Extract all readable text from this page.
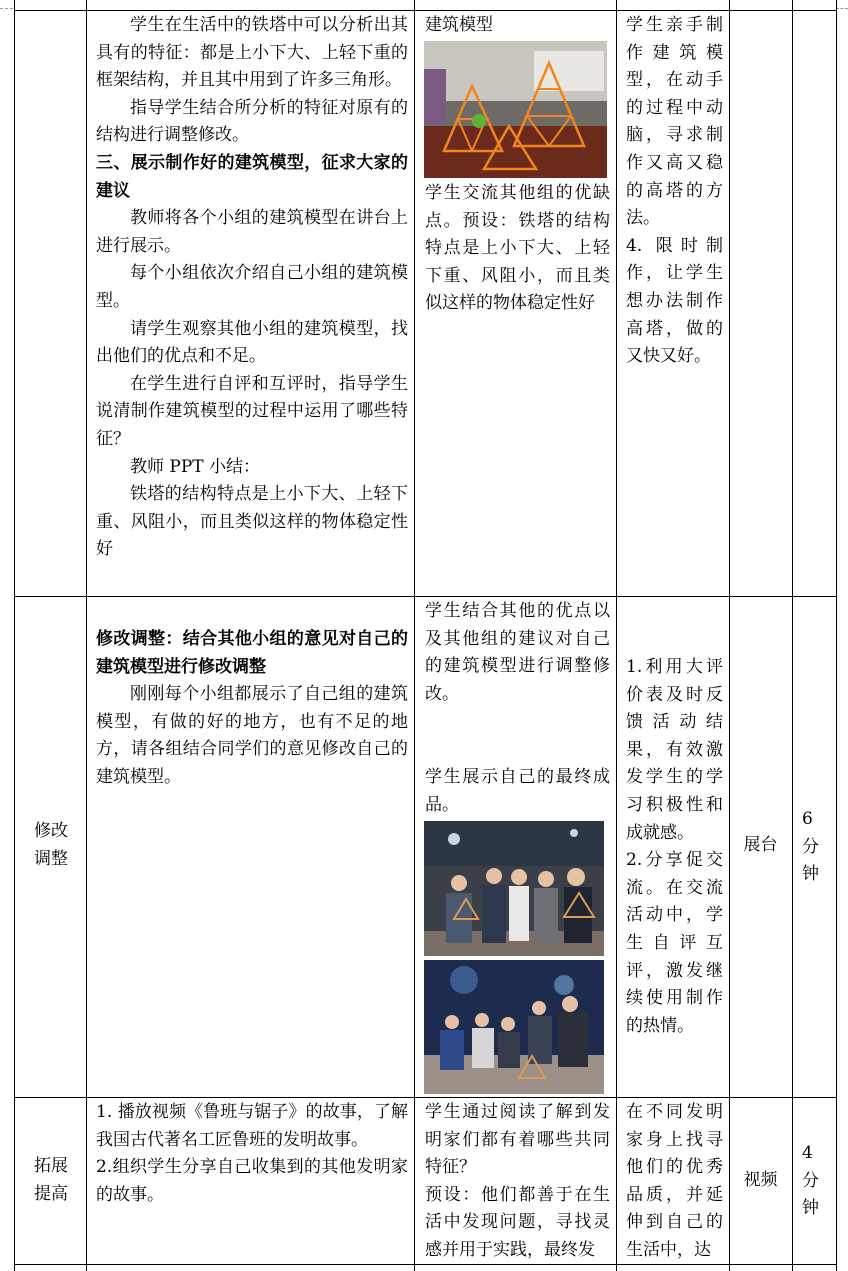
学生在生活中的铁塔中可以分析出其具有的特征：都是上小下大、上轻下重的框架结构，并且其中用到了许多三角形。

指导学生结合所分析的特征对原有的结构进行调整修改。

三、展示制作好的建筑模型，征求大家的建议

教师将各个小组的建筑模型在讲台上进行展示。

每个小组依次介绍自己小组的建筑模型。

请学生观察其他小组的建筑模型，找出他们的优点和不足。

在学生进行自评和互评时，指导学生说清制作建筑模型的过程中运用了哪些特征？

教师 PPT 小结：

铁塔的结构特点是上小下大、上轻下重、风阻小，而且类似这样的物体稳定性好

建筑模型
学生交流其他组的优缺点。预设：铁塔的结构特点是上小下大、上轻下重、风阻小，而且类似这样的物体稳定性好

学生亲手制作建筑模型，在动手的过程中动脑，寻求制作又高又稳的高塔的方法。

4. 限时制作，让学生想办法制作高塔，做的又快又好。

修改调整

修改调整：结合其他小组的意见对自己的建筑模型进行修改调整

刚刚每个小组都展示了自己组的建筑模型，有做的好的地方，也有不足的地方，请各组结合同学们的意见修改自己的建筑模型。

学生结合其他的优点以及其他组的建议对自己的建筑模型进行调整修改。
学生展示自己的最终成品。

1.利用大评价表及时反馈活动结果，有效激发学生的学习积极性和成就感。

2.分享促交流。在交流活动中，学生自评互评，激发继续使用制作的热情。

展台
6 分钟
拓展提高

1. 播放视频《鲁班与锯子》的故事，了解我国古代著名工匠鲁班的发明故事。

2.组织学生分享自己收集到的其他发明家的故事。

学生通过阅读了解到发明家们都有着哪些共同特征？

预设：他们都善于在生活中发现问题，寻找灵感并用于实践，最终发

在不同发明家身上找寻他们的优秀品质，并延伸到自己的生活中，达
视频
4 分钟
